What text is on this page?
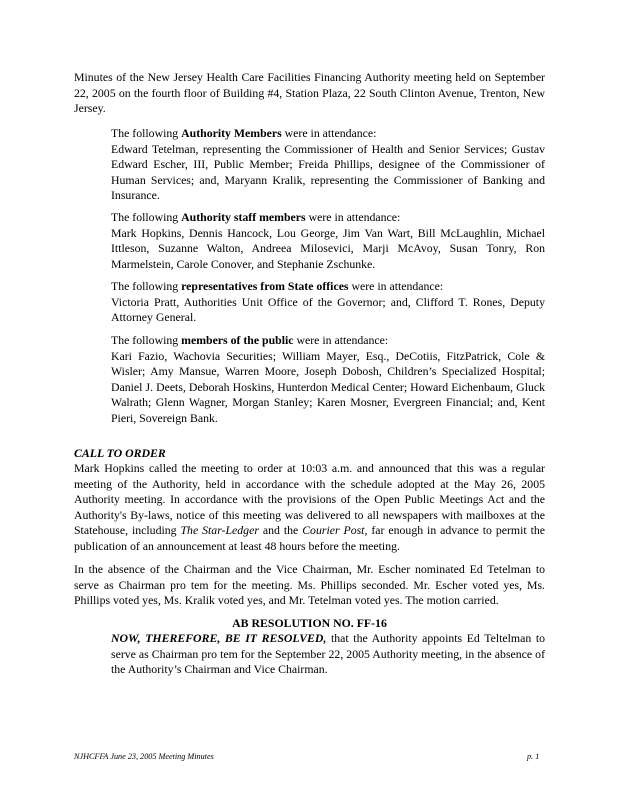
Minutes of the New Jersey Health Care Facilities Financing Authority meeting held on September 22, 2005 on the fourth floor of Building #4, Station Plaza, 22 South Clinton Avenue, Trenton, New Jersey.

The following Authority Members were in attendance:
Edward Tetelman, representing the Commissioner of Health and Senior Services; Gustav Edward Escher, III, Public Member; Freida Phillips, designee of the Commissioner of Human Services; and, Maryann Kralik, representing the Commissioner of Banking and Insurance.
The following Authority staff members were in attendance:
Mark Hopkins, Dennis Hancock, Lou George, Jim Van Wart, Bill McLaughlin, Michael Ittleson, Suzanne Walton, Andreea Milosevici, Marji McAvoy, Susan Tonry, Ron Marmelstein, Carole Conover, and Stephanie Zschunke.
The following representatives from State offices were in attendance:
Victoria Pratt, Authorities Unit Office of the Governor; and, Clifford T. Rones, Deputy Attorney General.
The following members of the public were in attendance:
Kari Fazio, Wachovia Securities; William Mayer, Esq., DeCotiis, FitzPatrick, Cole & Wisler; Amy Mansue, Warren Moore, Joseph Dobosh, Children’s Specialized Hospital; Daniel J. Deets, Deborah Hoskins, Hunterdon Medical Center; Howard Eichenbaum, Gluck Walrath; Glenn Wagner, Morgan Stanley; Karen Mosner, Evergreen Financial; and, Kent Pieri, Sovereign Bank.
CALL TO ORDER

Mark Hopkins called the meeting to order at 10:03 a.m. and announced that this was a regular meeting of the Authority, held in accordance with the schedule adopted at the May 26, 2005 Authority meeting. In accordance with the provisions of the Open Public Meetings Act and the Authority's By-laws, notice of this meeting was delivered to all newspapers with mailboxes at the Statehouse, including The Star-Ledger and the Courier Post, far enough in advance to permit the publication of an announcement at least 48 hours before the meeting.

In the absence of the Chairman and the Vice Chairman, Mr. Escher nominated Ed Tetelman to serve as Chairman pro tem for the meeting. Ms. Phillips seconded. Mr. Escher voted yes, Ms. Phillips voted yes, Ms. Kralik voted yes, and Mr. Tetelman voted yes. The motion carried.

AB RESOLUTION NO. FF-16

NOW, THEREFORE, BE IT RESOLVED, that the Authority appoints Ed Teltelman to serve as Chairman pro tem for the September 22, 2005 Authority meeting, in the absence of the Authority’s Chairman and Vice Chairman.

NJHCFFA June 23, 2005 Meeting Minutes	p. 1
